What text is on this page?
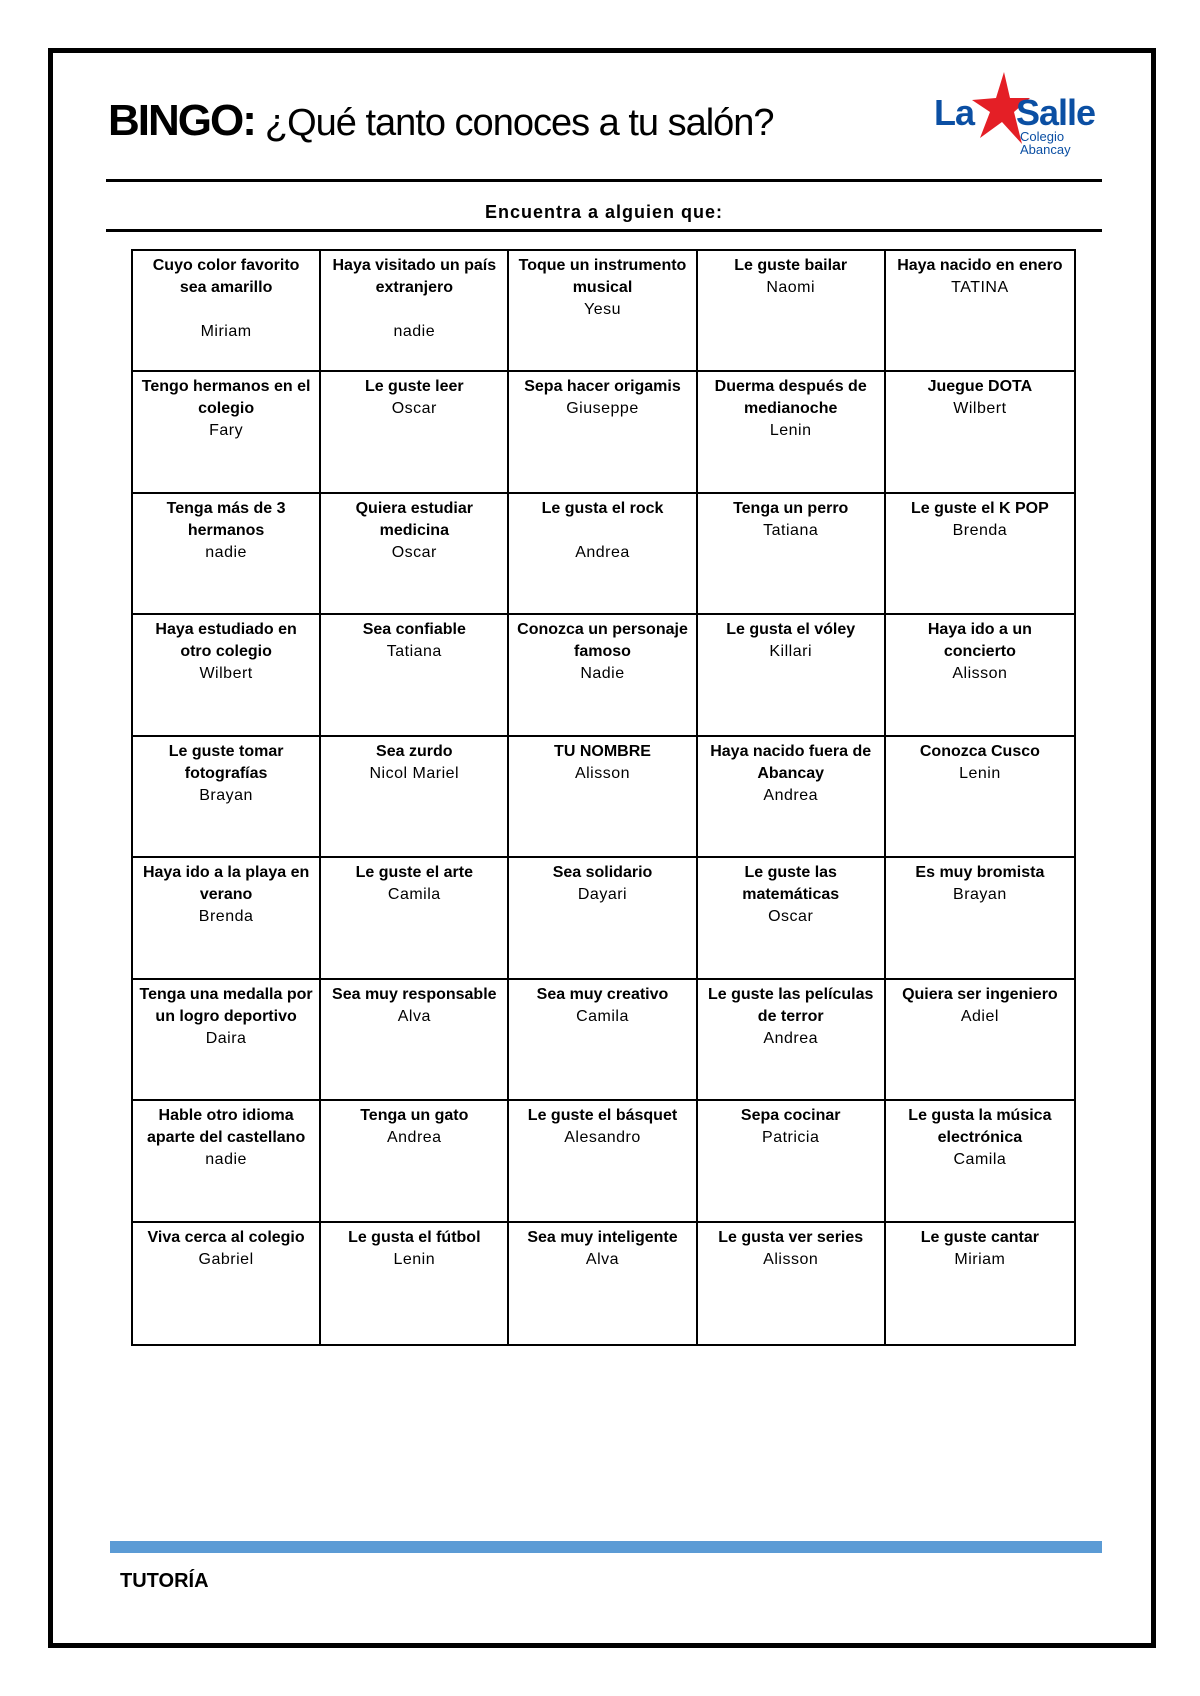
BINGO: ¿Qué tanto conoces a tu salón?	La Salle
Colegio
Abancay
Encuentra a alguien que:
Cuyo color favorito sea amarillo
Miriam
Haya visitado un país extranjero
nadie
Toque un instrumento musical
Yesu
Le guste bailar
Naomi
Haya nacido en enero
TATINA
Tengo hermanos en el colegio
Fary
Le guste leer
Oscar
Sepa hacer origamis
Giuseppe
Duerma después de medianoche
Lenin
Juegue DOTA
Wilbert
Tenga más de 3 hermanos
nadie
Quiera estudiar medicina
Oscar
Le gusta el rock
Andrea
Tenga un perro
Tatiana
Le guste el K POP
Brenda
Haya estudiado en otro colegio
Wilbert
Sea confiable
Tatiana
Conozca un personaje famoso
Nadie
Le gusta el vóley
Killari
Haya ido a un concierto
Alisson
Le guste tomar fotografías
Brayan
Sea zurdo
Nicol Mariel
TU NOMBRE
Alisson
Haya nacido fuera de Abancay
Andrea
Conozca Cusco
Lenin
Haya ido a la playa en verano
Brenda
Le guste el arte
Camila
Sea solidario
Dayari
Le guste las matemáticas
Oscar
Es muy bromista
Brayan
Tenga una medalla por un logro deportivo
Daira
Sea muy responsable
Alva
Sea muy creativo
Camila
Le guste las películas de terror
Andrea
Quiera ser ingeniero
Adiel
Hable otro idioma aparte del castellano
nadie
Tenga un gato
Andrea
Le guste el básquet
Alesandro
Sepa cocinar
Patricia
Le gusta la música electrónica
Camila
Viva cerca al colegio
Gabriel
Le gusta el fútbol
Lenin
Sea muy inteligente
Alva
Le gusta ver series
Alisson
Le guste cantar
Miriam
TUTORÍA
